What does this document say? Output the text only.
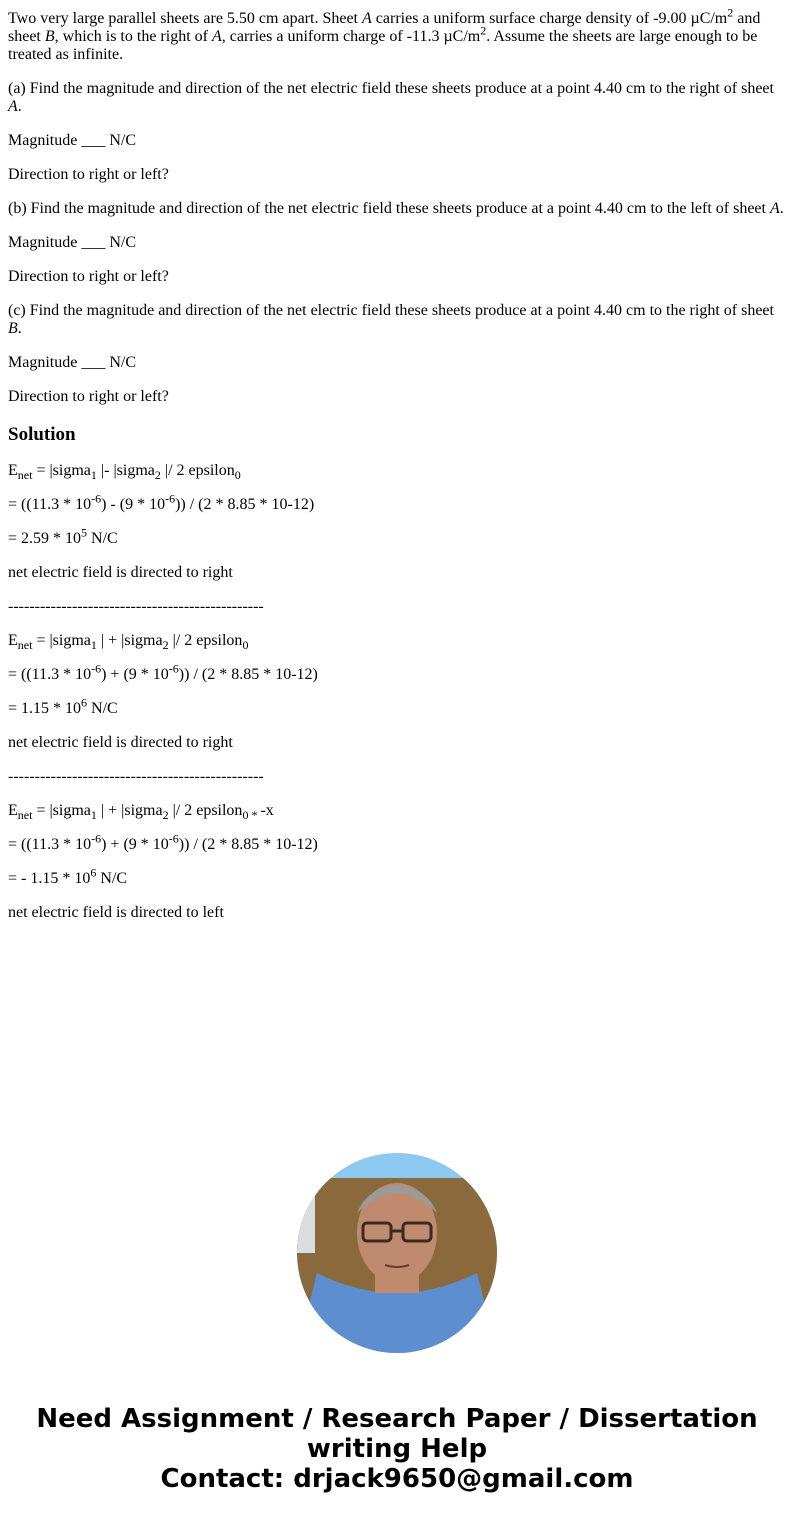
Two very large parallel sheets are 5.50 cm apart. Sheet A carries a uniform surface charge density of -9.00 $\mu C/m^2$ and sheet B, which is to the right of A, carries a uniform charge of -11.3 $\mu C/m^2$. Assume the sheets are large enough to be treated as infinite.

(a) Find the magnitude and direction of the net electric field these sheets produce at a point 4.40 cm to the right of sheet A.

Magnitude ___ N/C

Direction to right or left?

(b) Find the magnitude and direction of the net electric field these sheets produce at a point 4.40 cm to the left of sheet A.

Magnitude ___ N/C

Direction to right or left?

(c) Find the magnitude and direction of the net electric field these sheets produce at a point 4.40 cm to the right of sheet B.

Magnitude ___ N/C

Direction to right or left?

Solution

$E_{net}$ = |sigma$_1$ |- |sigma$_2$ |/ 2 epsilon$_0$

= $((11.3 * 10^{-6}) - (9 * 10^{-6})) / (2 * 8.85 * 10-12)$

= $2.59 * 10^5$ N/C

net electric field is directed to right

------------------------------------------------

$E_{net}$ = |sigma$_1$ | + |sigma$_2$ |/ 2 epsilon$_0$

= $((11.3 * 10^{-6}) + (9 * 10^{-6})) / (2 * 8.85 * 10-12)$

= $1.15 * 10^6$ N/C

net electric field is directed to right

------------------------------------------------

$E_{net}$ = |sigma$_1$ | + |sigma$_2$ |/ 2 epsilon$_{0 *}$ -x

= $((11.3 * 10^{-6}) + (9 * 10^{-6})) / (2 * 8.85 * 10-12)$

= - $1.15 * 10^6$ N/C

net electric field is directed to left

Need Assignment / Research Paper / Dissertation
writing Help
Contact: drjack9650@gmail.com
